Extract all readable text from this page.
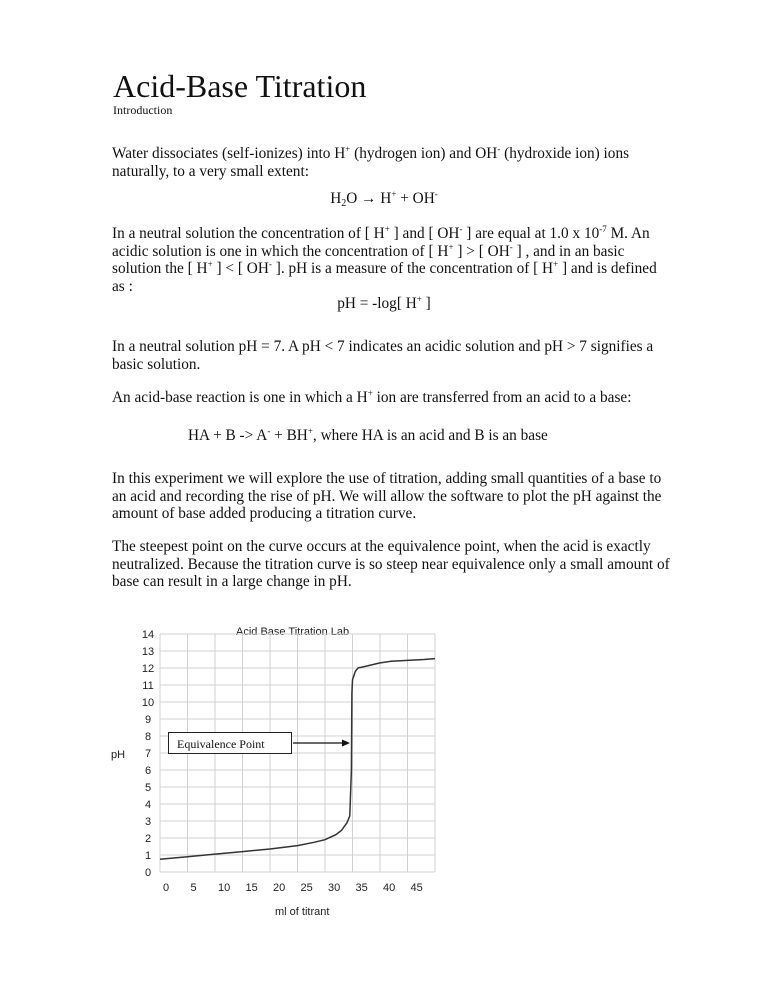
Acid-Base Titration
Introduction

Water dissociates (self-ionizes) into H+ (hydrogen ion) and OH- (hydroxide ion) ions naturally, to a very small extent:

$H_2O \to H^+ + OH^-$

In a neutral solution the concentration of [ H+ ] and [ OH- ] are equal at 1.0 x $10^{-7}$ M. An acidic solution is one in which the concentration of [ H+ ] > [ OH- ] , and in an basic solution the [ H+ ] < [ OH- ]. pH is a measure of the concentration of [ H+ ] and is defined as :

pH = -log[ H+ ]

In a neutral solution pH = 7. A pH < 7 indicates an acidic solution and pH > 7 signifies a basic solution.

An acid-base reaction is one in which a H+ ion are transferred from an acid to a base:

HA + B -> A- + BH+, where HA is an acid and B is an base

In this experiment we will explore the use of titration, adding small quantities of a base to an acid and recording the rise of pH. We will allow the software to plot the pH against the amount of base added producing a titration curve.

The steepest point on the curve occurs at the equivalence point, when the acid is exactly neutralized. Because the titration curve is so steep near equivalence only a small amount of base can result in a large change in pH.

Acid Base Titration Lab
14
13
12
11
10
9
8
7
6
5
4
3
2
1
0
0 5 10 15 20 25 30 35 40 45
pH
ml of titrant
Equivalence Point
